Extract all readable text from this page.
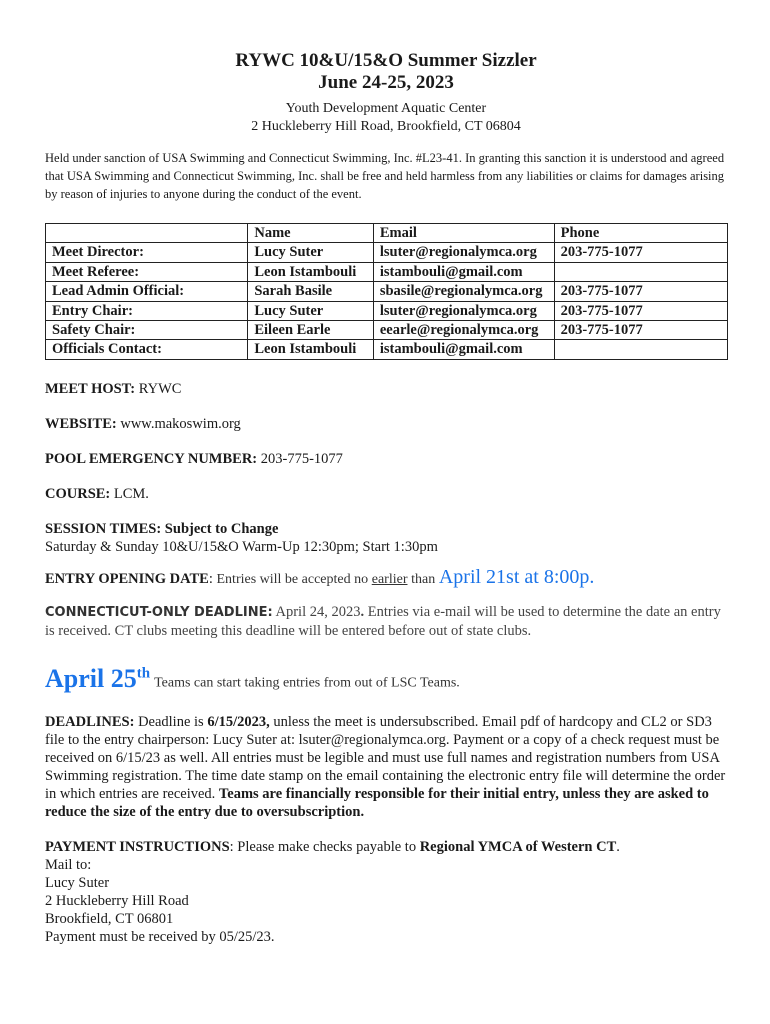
RYWC 10&U/15&O Summer Sizzler
June 24-25, 2023
Youth Development Aquatic Center
2 Huckleberry Hill Road, Brookfield, CT 06804
Held under sanction of USA Swimming and Connecticut Swimming, Inc. #L23-41. In granting this sanction it is understood and agreed that USA Swimming and Connecticut Swimming, Inc. shall be free and held harmless from any liabilities or claims for damages arising by reason of injuries to anyone during the conduct of the event.
	Name	Email	Phone
Meet Director:	Lucy Suter	lsuter@regionalymca.org	203-775-1077
Meet Referee:	Leon Istambouli	istambouli@gmail.com	
Lead Admin Official:	Sarah Basile	sbasile@regionalymca.org	203-775-1077
Entry Chair:	Lucy Suter	lsuter@regionalymca.org	203-775-1077
Safety Chair:	Eileen Earle	eearle@regionalymca.org	203-775-1077
Officials Contact:	Leon Istambouli	istambouli@gmail.com	
MEET HOST: RYWC
WEBSITE: www.makoswim.org
POOL EMERGENCY NUMBER: 203-775-1077
COURSE: LCM.
SESSION TIMES: Subject to Change
Saturday & Sunday 10&U/15&O Warm-Up 12:30pm; Start 1:30pm
ENTRY OPENING DATE: Entries will be accepted no earlier than April 21st at 8:00p.
CONNECTICUT-ONLY DEADLINE: April 24, 2023. Entries via e-mail will be used to determine the date an entry is received. CT clubs meeting this deadline will be entered before out of state clubs.
April 25th Teams can start taking entries from out of LSC Teams.
DEADLINES: Deadline is 6/15/2023, unless the meet is undersubscribed. Email pdf of hardcopy and CL2 or SD3 file to the entry chairperson: Lucy Suter at: lsuter@regionalymca.org. Payment or a copy of a check request must be received on 6/15/23 as well. All entries must be legible and must use full names and registration numbers from USA Swimming registration. The time date stamp on the email containing the electronic entry file will determine the order in which entries are received. Teams are financially responsible for their initial entry, unless they are asked to reduce the size of the entry due to oversubscription.
PAYMENT INSTRUCTIONS: Please make checks payable to Regional YMCA of Western CT.
Mail to:
Lucy Suter
2 Huckleberry Hill Road
Brookfield, CT 06801
Payment must be received by 05/25/23.
